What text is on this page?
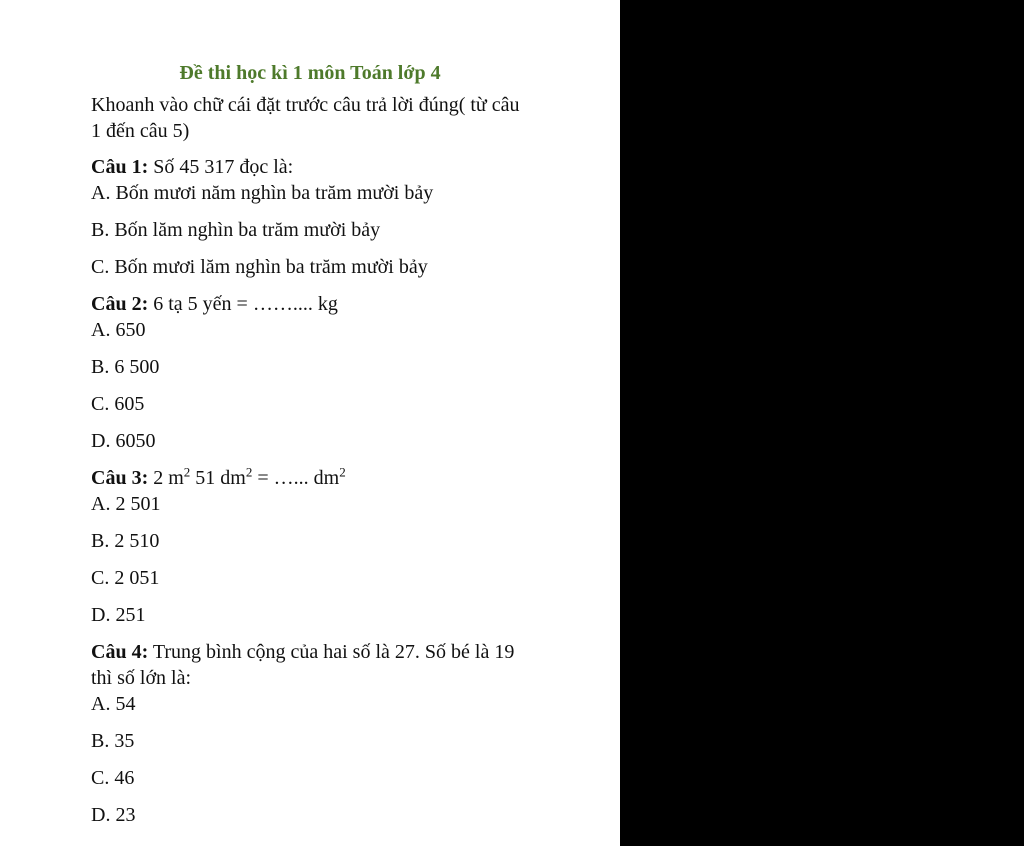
Đề thi học kì 1 môn Toán lớp 4

Khoanh vào chữ cái đặt trước câu trả lời đúng( từ câu 1 đến câu 5)

Câu 1: Số 45 317 đọc là:

A. Bốn mươi năm nghìn ba trăm mười bảy
B. Bốn lăm nghìn ba trăm mười bảy
C. Bốn mươi lăm nghìn ba trăm mười bảy

Câu 2: 6 tạ 5 yến = …….... kg

A. 650
B. 6 500
C. 605
D. 6050

Câu 3: 2 $m^2$ 51 $dm^2$ = …... $dm^2$

A. 2 501
B. 2 510
C. 2 051
D. 251

Câu 4: Trung bình cộng của hai số là 27. Số bé là 19 thì số lớn là:

A. 54
B. 35
C. 46
D. 23
